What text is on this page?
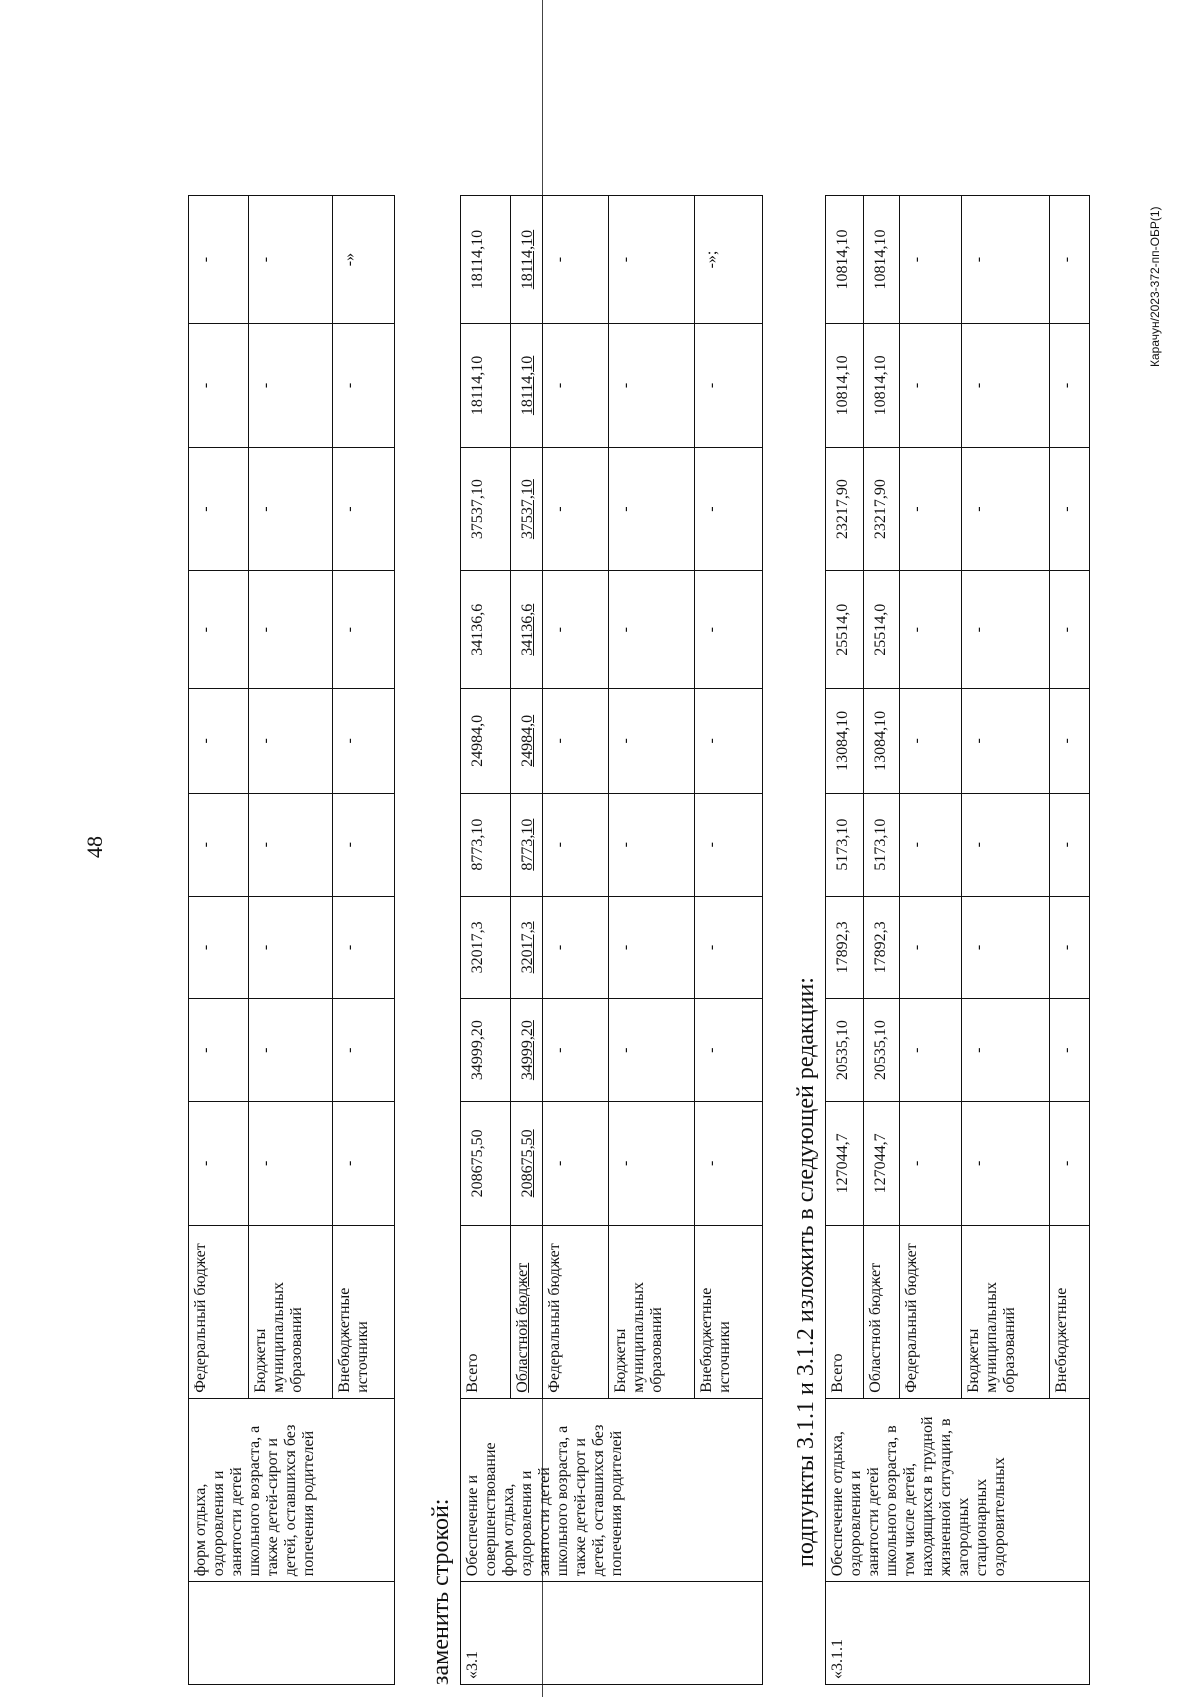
48
	форм отдыха, оздоровления и занятости детей школьного возраста, а также детей-сирот и детей, оставшихся без попечения родителей	Федеральный бюджет	-	-	-	-	-	-	-	-	-
		Бюджеты муниципальных образований	-	-	-	-	-	-	-	-	-
		Внебюджетные источники	-	-	-	-	-	-	-	-	-»
заменить строкой: «3.1	Обеспечение и совершенствование форм отдыха, оздоровления и занятости детей школьного возраста, а также детей-сирот и детей, оставшихся без попечения родителей	Всего	208675,50	34999,20	32017,3	8773,10	24984,0	34136,6	37537,10	18114,10	18114,10
		Областной бюджет	208675,50	34999,20	32017,3	8773,10	24984,0	34136,6	37537,10	18114,10	18114,10
		Федеральный бюджет	-	-	-	-	-	-	-	-	-
		Бюджеты муниципальных образований	-	-	-	-	-	-	-	-	-
		Внебюджетные источники	-	-	-	-	-	-	-	-	-»;
подпункты 3.1.1 и 3.1.2 изложить в следующей редакции:
«3.1.1	Обеспечение отдыха, оздоровления и занятости детей школьного возраста, в том числе детей, находящихся в трудной жизненной ситуации, в загородных стационарных оздоровительных	Всего	127044,7	20535,10	17892,3	5173,10	13084,10	25514,0	23217,90	10814,10	10814,10
		Областной бюджет	127044,7	20535,10	17892,3	5173,10	13084,10	25514,0	23217,90	10814,10	10814,10
		Федеральный бюджет	-	-	-	-	-	-	-	-	-
		Бюджеты муниципальных образований	-	-	-	-	-	-	-	-	-
		Внебюджетные	-	-	-	-	-	-	-	-	-	Карачун/2023-372-пп-ОБР(1)
